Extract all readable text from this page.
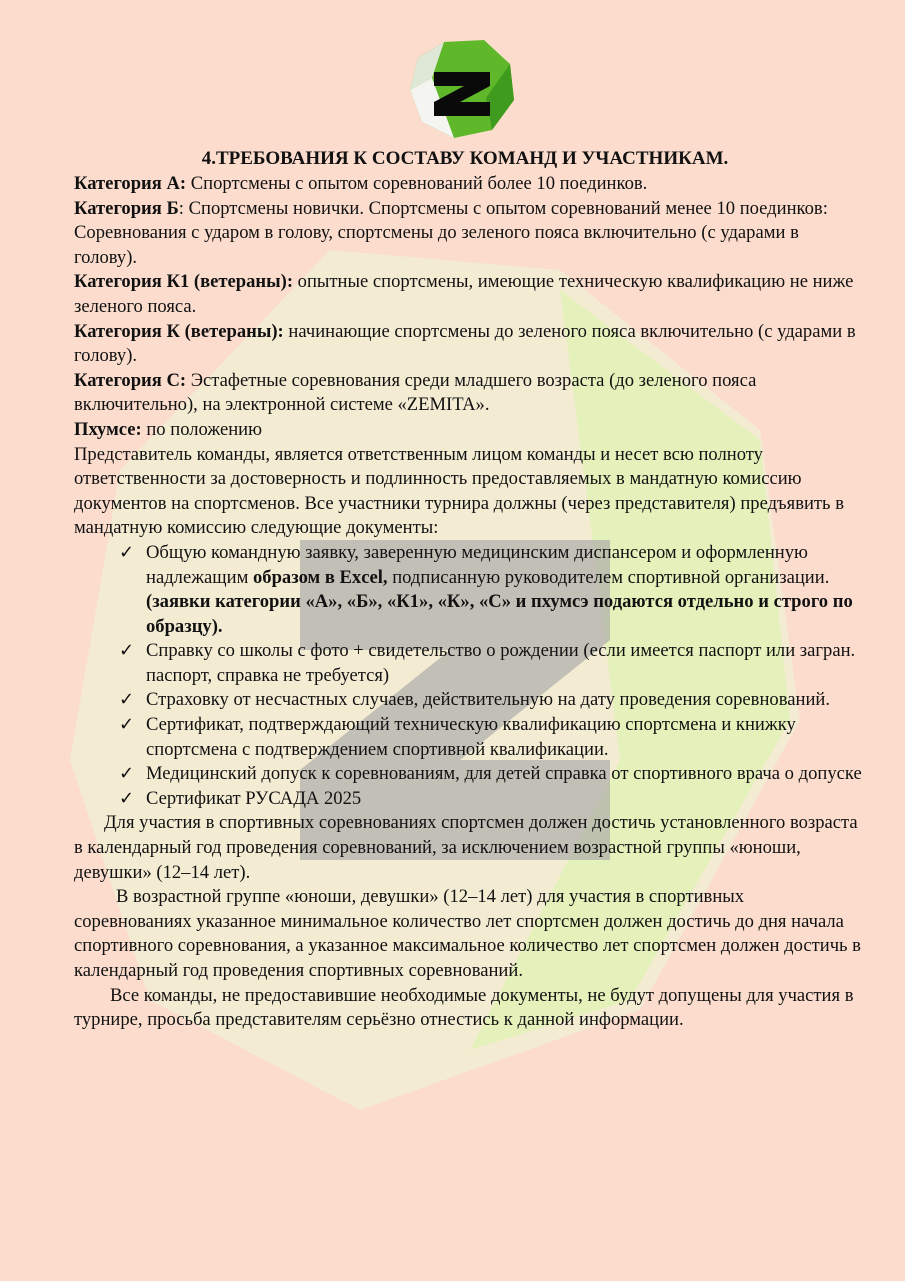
4.ТРЕБОВАНИЯ К СОСТАВУ КОМАНД И УЧАСТНИКАМ.

Категория А: Спортсмены с опытом соревнований более 10 поединков.

Категория Б: Спортсмены новички. Спортсмены с опытом соревнований менее 10 поединков:

Соревнования с ударом в голову, спортсмены до зеленого пояса включительно (с ударами в голову).

Категория К1 (ветераны): опытные спортсмены, имеющие техническую квалификацию не ниже зеленого пояса.

Категория К (ветераны): начинающие спортсмены до зеленого пояса включительно (с ударами в голову).

Категория С: Эстафетные соревнования среди младшего возраста (до зеленого пояса включительно), на электронной системе «ZEMITA».

Пхумсе: по положению

Представитель команды, является ответственным лицом команды и несет всю полноту ответственности за достоверность и подлинность предоставляемых в мандатную комиссию документов на спортсменов. Все участники турнира должны (через представителя) предъявить в мандатную комиссию следующие документы:

✓ Общую командную заявку, заверенную медицинским диспансером и оформленную надлежащим образом в Excel, подписанную руководителем спортивной организации. (заявки категории «А», «Б», «К1», «К», «С» и пхумсэ подаются отдельно и строго по образцу).
✓ Справку со школы с фото + свидетельство о рождении (если имеется паспорт или загран. паспорт, справка не требуется)
✓ Страховку от несчастных случаев, действительную на дату проведения соревнований.
✓ Сертификат, подтверждающий техническую квалификацию спортсмена и книжку спортсмена с подтверждением спортивной квалификации.
✓ Медицинский допуск к соревнованиям, для детей справка от спортивного врача о допуске
✓ Сертификат РУСАДА 2025

Для участия в спортивных соревнованиях спортсмен должен достичь установленного возраста в календарный год проведения соревнований, за исключением возрастной группы «юноши, девушки» (12–14 лет).

В возрастной группе «юноши, девушки» (12–14 лет) для участия в спортивных соревнованиях указанное минимальное количество лет спортсмен должен достичь до дня начала спортивного соревнования, а указанное максимальное количество лет спортсмен должен достичь в календарный год проведения спортивных соревнований.

Все команды, не предоставившие необходимые документы, не будут допущены для участия в турнире, просьба представителям серьёзно отнестись к данной информации.
